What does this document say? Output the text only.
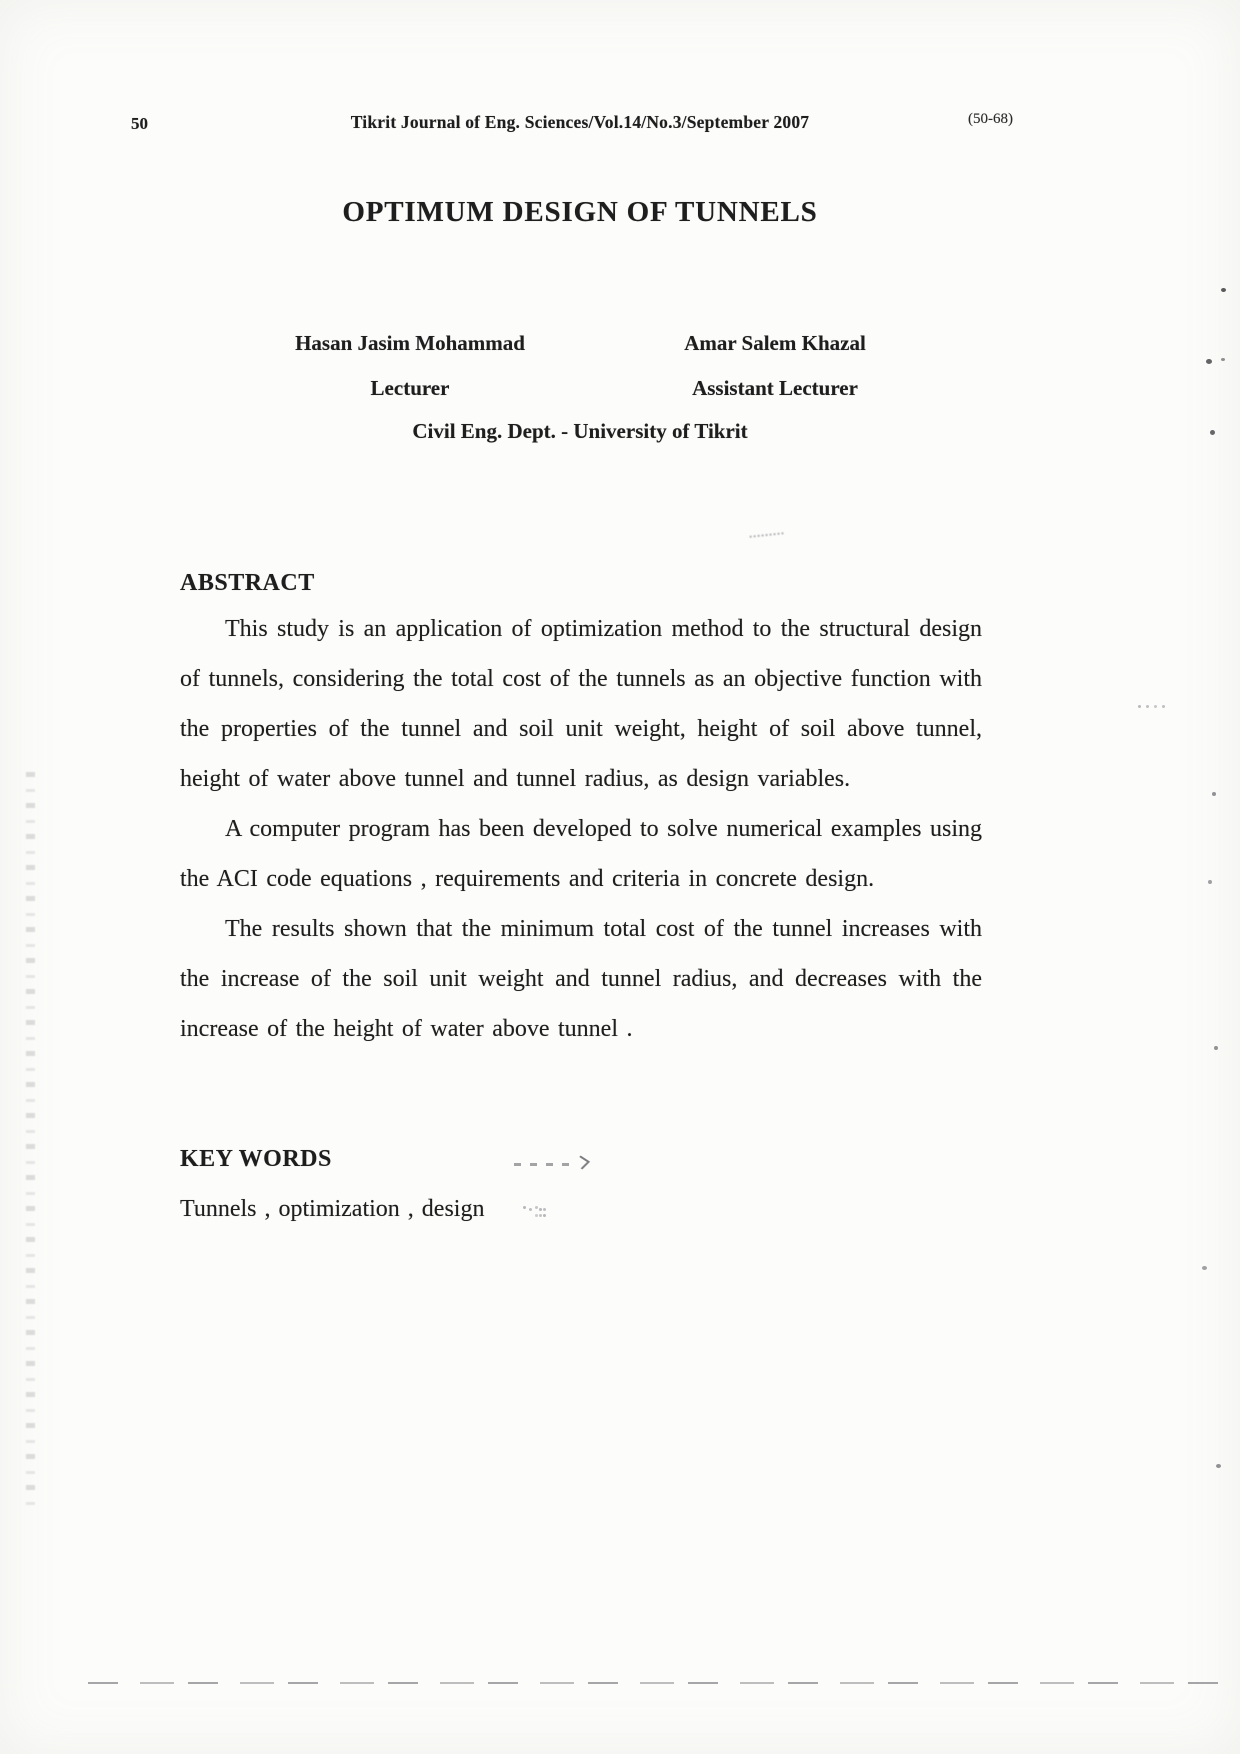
50	Tikrit Journal of Eng. Sciences/Vol.14/No.3/September 2007	(50-68)
OPTIMUM DESIGN OF TUNNELS
Hasan Jasim Mohammad	Amar Salem Khazal
Lecturer	Assistant Lecturer
Civil Eng. Dept. - University of Tikrit
ABSTRACT

This study is an application of optimization method to the structural design of tunnels, considering the total cost of the tunnels as an objective function with the properties of the tunnel and soil unit weight, height of soil above tunnel, height of water above tunnel and tunnel radius, as design variables.

A computer program has been developed to solve numerical examples using the ACI code equations , requirements and criteria in concrete design.

The results shown that the minimum total cost of the tunnel increases with the increase of the soil unit weight and tunnel radius, and decreases with the increase of the height of water above tunnel .

KEY WORDS
Tunnels , optimization , design
